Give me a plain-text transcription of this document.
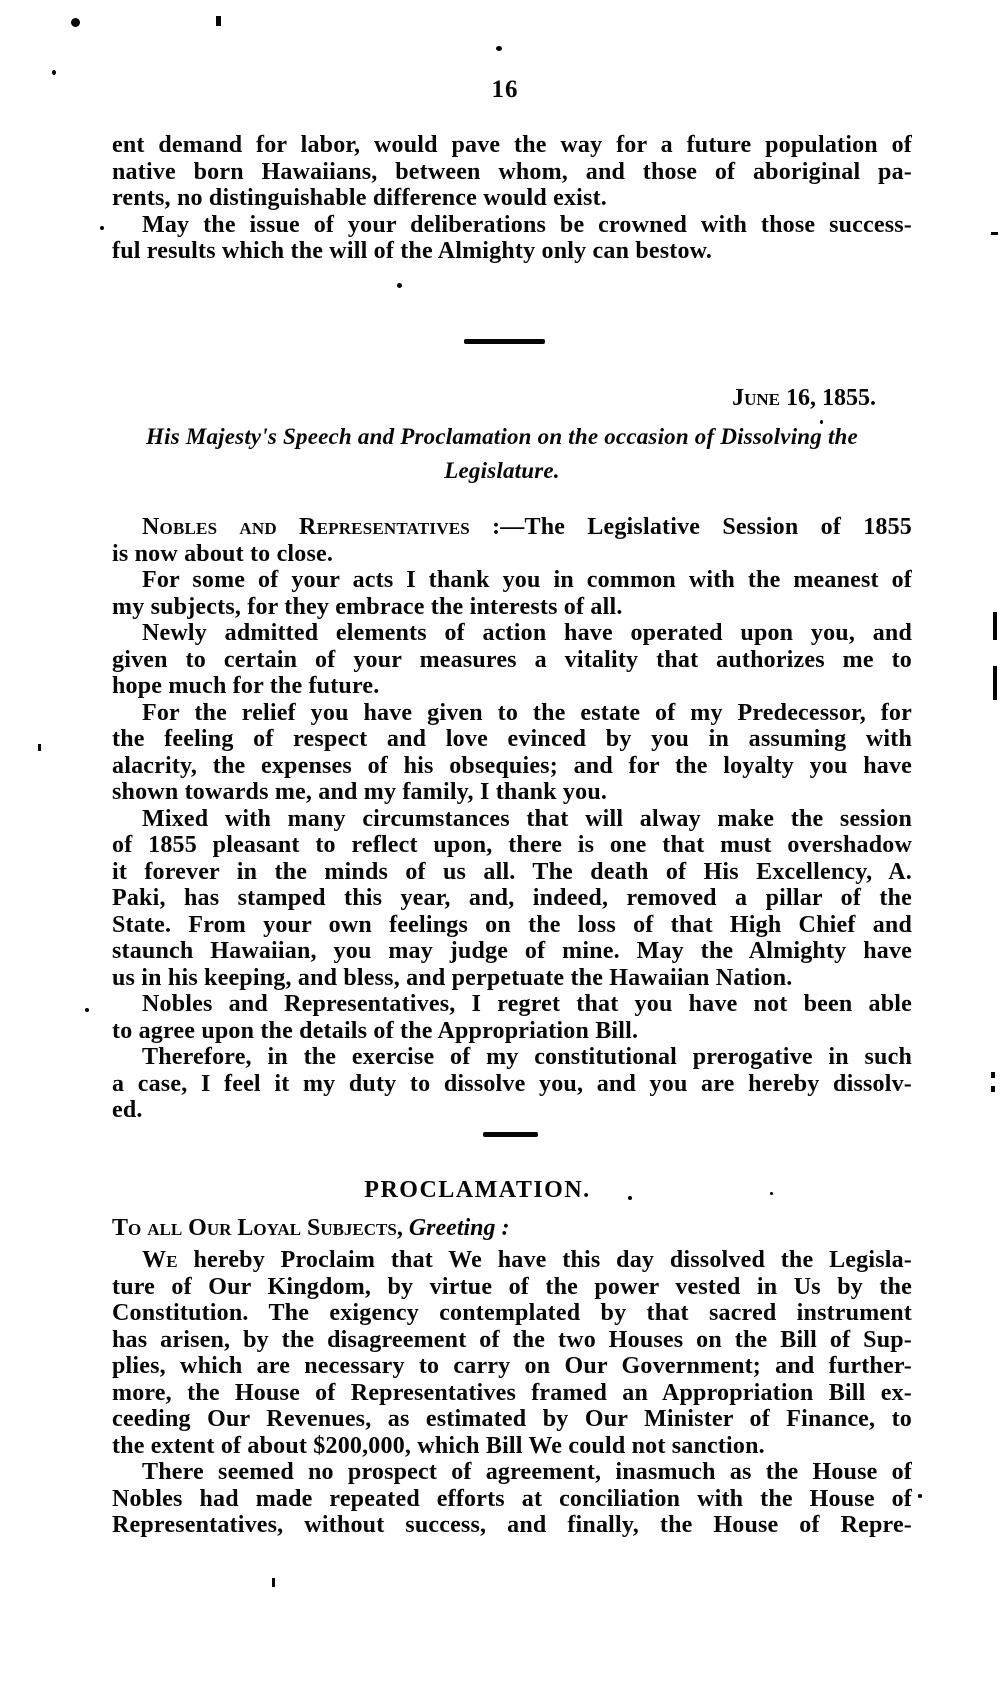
16
ent demand for labor, would pave the way for a future population of
native born Hawaiians, between whom, and those of aboriginal pa-
rents, no distinguishable difference would exist.
May the issue of your deliberations be crowned with those success-
ful results which the will of the Almighty only can bestow.
June 16, 1855.
His Majesty's Speech and Proclamation on the occasion of Dissolving the
Legislature.
Nobles and Representatives :—The Legislative Session of 1855
is now about to close.
For some of your acts I thank you in common with the meanest of
my subjects, for they embrace the interests of all.
Newly admitted elements of action have operated upon you, and
given to certain of your measures a vitality that authorizes me to
hope much for the future.
For the relief you have given to the estate of my Predecessor, for
the feeling of respect and love evinced by you in assuming with
alacrity, the expenses of his obsequies; and for the loyalty you have
shown towards me, and my family, I thank you.
Mixed with many circumstances that will alway make the session
of 1855 pleasant to reflect upon, there is one that must overshadow
it forever in the minds of us all. The death of His Excellency, A.
Paki, has stamped this year, and, indeed, removed a pillar of the
State. From your own feelings on the loss of that High Chief and
staunch Hawaiian, you may judge of mine. May the Almighty have
us in his keeping, and bless, and perpetuate the Hawaiian Nation.
Nobles and Representatives, I regret that you have not been able
to agree upon the details of the Appropriation Bill.
Therefore, in the exercise of my constitutional prerogative in such
a case, I feel it my duty to dissolve you, and you are hereby dissolv-
ed.
PROCLAMATION.
To all Our Loyal Subjects, Greeting :
We hereby Proclaim that We have this day dissolved the Legisla-
ture of Our Kingdom, by virtue of the power vested in Us by the
Constitution. The exigency contemplated by that sacred instrument
has arisen, by the disagreement of the two Houses on the Bill of Sup-
plies, which are necessary to carry on Our Government; and further-
more, the House of Representatives framed an Appropriation Bill ex-
ceeding Our Revenues, as estimated by Our Minister of Finance, to
the extent of about $200,000, which Bill We could not sanction.
There seemed no prospect of agreement, inasmuch as the House of
Nobles had made repeated efforts at conciliation with the House of
Representatives, without success, and finally, the House of Repre-
